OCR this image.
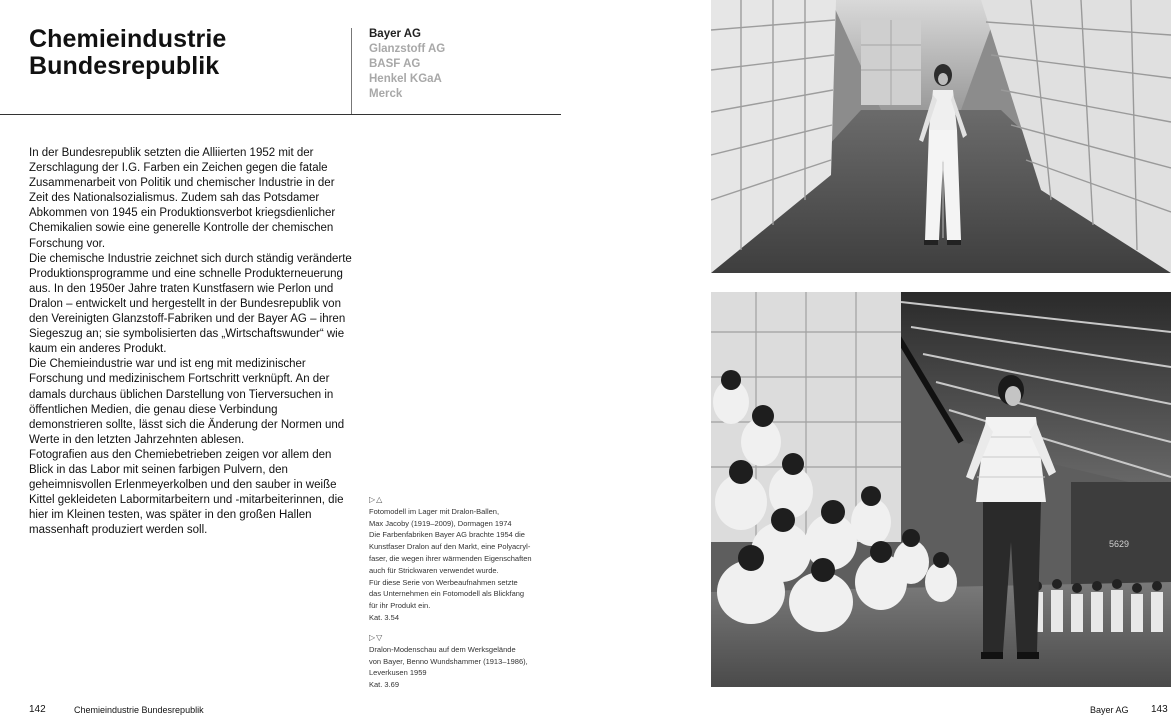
Chemieindustrie
Bundesrepublik
Bayer AG
Glanzstoff AG
BASF AG
Henkel KGaA
Merck

In der Bundesrepublik setzten die Alliierten 1952 mit der Zerschlagung der I.G. Farben ein Zeichen gegen die fatale Zusammenarbeit von Politik und chemischer Industrie in der Zeit des Nationalsozialismus. Zudem sah das Potsdamer Abkommen von 1945 ein Produktionsverbot kriegsdienlicher Chemikalien sowie eine generelle Kontrolle der chemischen Forschung vor.

Die chemische Industrie zeichnet sich durch ständig veränderte Produktionsprogramme und eine schnelle Produkterneuerung aus. In den 1950er Jahre traten Kunstfasern wie Perlon und Dralon – entwickelt und hergestellt in der Bundesrepublik von den Vereinigten Glanzstoff-Fabriken und der Bayer AG – ihren Siegeszug an; sie symbolisierten das „Wirtschaftswunder“ wie kaum ein anderes Produkt.

Die Chemieindustrie war und ist eng mit medizinischer Forschung und medizinischem Fortschritt verknüpft. An der damals durchaus üblichen Darstellung von Tierversuchen in öffentlichen Medien, die genau diese Verbindung demonstrieren sollte, lässt sich die Änderung der Normen und Werte in den letzten Jahrzehnten ablesen.

Fotografien aus den Chemiebetrieben zeigen vor allem den Blick in das Labor mit seinen farbigen Pulvern, den geheimnisvollen Erlenmeyerkolben und den sauber in weiße Kittel gekleideten Labormitarbeitern und -mitarbeiterinnen, die hier im Kleinen testen, was später in den großen Hallen massenhaft produziert werden soll.

▷△

Fotomodell im Lager mit Dralon-Ballen,

Max Jacoby (1919–2009), Dormagen 1974

Die Farbenfabriken Bayer AG brachte 1954 die

Kunstfaser Dralon auf den Markt, eine Polyacryl-

faser, die wegen ihrer wärmenden Eigenschaften

auch für Strickwaren verwendet wurde.

Für diese Serie von Werbeaufnahmen setzte

das Unternehmen ein Fotomodell als Blickfang

für ihr Produkt ein.

Kat. 3.54

▷▽

Dralon-Modenschau auf dem Werksgelände

von Bayer, Benno Wundshammer (1913–1986),

Leverkusen 1959

Kat. 3.69

142	Chemieindustrie Bundesrepublik
5629
Bayer AG 143
